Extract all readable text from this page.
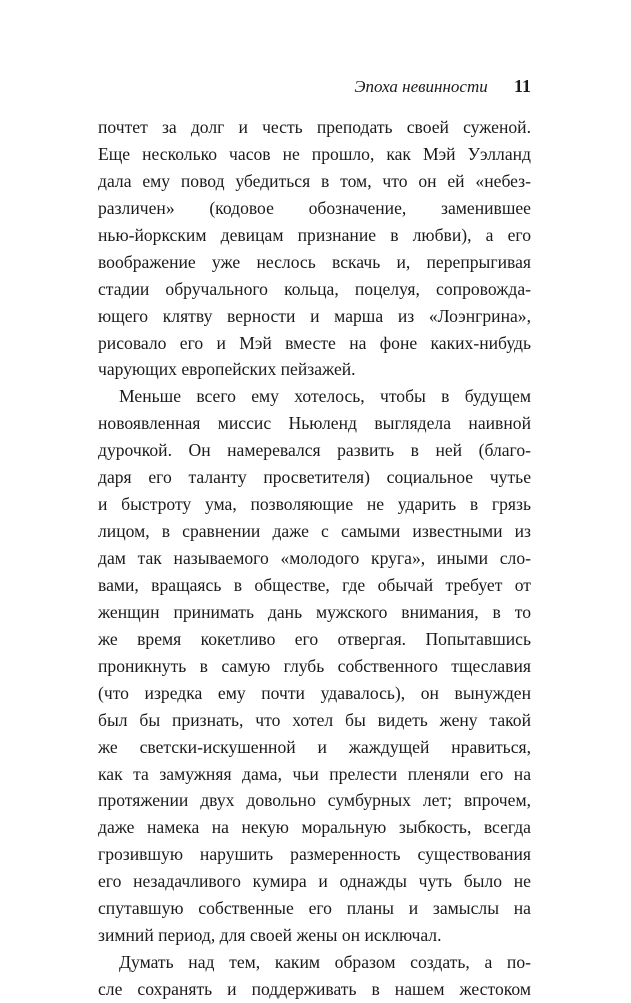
Эпоха невинности 11
почтет за долг и честь преподать своей суженой.
Еще несколько часов не прошло, как Мэй Уэлланд
дала ему повод убедиться в том, что он ей «небез-
различен» (кодовое обозначение, заменившее
нью-йоркским девицам признание в любви), а его
воображение уже неслось вскачь и, перепрыгивая
стадии обручального кольца, поцелуя, сопровожда-
ющего клятву верности и марша из «Лоэнгрина»,
рисовало его и Мэй вместе на фоне каких-нибудь
чарующих европейских пейзажей.
Меньше всего ему хотелось, чтобы в будущем
новоявленная миссис Ньюленд выглядела наивной
дурочкой. Он намеревался развить в ней (благо-
даря его таланту просветителя) социальное чутье
и быстроту ума, позволяющие не ударить в грязь
лицом, в сравнении даже с самыми известными из
дам так называемого «молодого круга», иными сло-
вами, вращаясь в обществе, где обычай требует от
женщин принимать дань мужского внимания, в то
же время кокетливо его отвергая. Попытавшись
проникнуть в самую глубь собственного тщеславия
(что изредка ему почти удавалось), он вынужден
был бы признать, что хотел бы видеть жену такой
же светски-искушенной и жаждущей нравиться,
как та замужняя дама, чьи прелести пленяли его на
протяжении двух довольно сумбурных лет; впрочем,
даже намека на некую моральную зыбкость, всегда
грозившую нарушить размеренность существования
его незадачливого кумира и однажды чуть было не
спутавшую собственные его планы и замыслы на
зимний период, для своей жены он исключал.
Думать над тем, каким образом создать, а по-
сле сохранять и поддерживать в нашем жестоком
